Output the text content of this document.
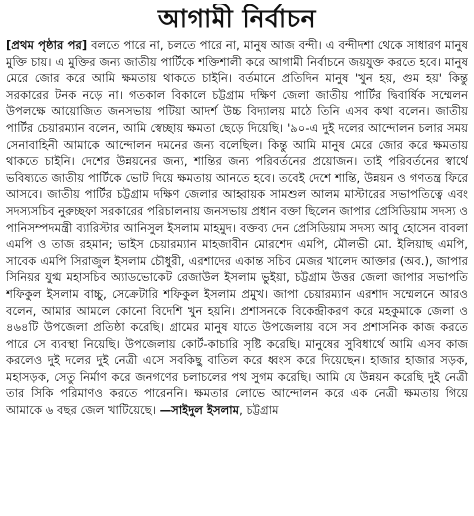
আগামী নির্বাচন

[প্রথম পৃষ্ঠার পর] বলতে পারে না, চলতে পারে না, মানুষ আজ বন্দী। এ বন্দীদশা থেকে সাধারণ মানুষ মুক্তি চায়। এ মুক্তির জন্য জাতীয় পার্টিকে শক্তিশালী করে আগামী নির্বাচনে জয়যুক্ত করতে হবে। মানুষ মেরে জোর করে আমি ক্ষমতায় থাকতে চাইনি। বর্তমানে প্রতিদিন মানুষ 'খুন হয়, গুম হয়' কিন্তু সরকারের টনক নড়ে না। গতকাল বিকালে চট্টগ্রাম দক্ষিণ জেলা জাতীয় পার্টির দ্বিবার্ষিক সম্মেলন উপলক্ষে আয়োজিত জনসভায় পটিয়া আদর্শ উচ্চ বিদ্যালয় মাঠে তিনি এসব কথা বলেন। জাতীয় পার্টির চেয়ারম্যান বলেন, আমি স্বেচ্ছায় ক্ষমতা ছেড়ে দিয়েছি। '৯০-এ দুই দলের আন্দোলন চলার সময় সেনাবাহিনী আমাকে আন্দোলন দমনের জন্য বলেছিল। কিন্তু আমি মানুষ মেরে জোর করে ক্ষমতায় থাকতে চাইনি। দেশের উন্নয়নের জন্য, শান্তির জন্য পরিবর্তনের প্রয়োজন। তাই পরিবর্তনের স্বার্থে ভবিষ্যতে জাতীয় পার্টিকে ভোট দিয়ে ক্ষমতায় আনতে হবে। তবেই দেশে শান্তি, উন্নয়ন ও গণতন্ত্র ফিরে আসবে। জাতীয় পার্টির চট্টগ্রাম দক্ষিণ জেলার আহ্বায়ক সামশুল আলম মাস্টারের সভাপতিত্বে এবং সদস্যসচিব নুরুচ্ছফা সরকারের পরিচালনায় জনসভায় প্রধান বক্তা ছিলেন জাপার প্রেসিডিয়াম সদস্য ও পানিসম্পদমন্ত্রী ব্যারিস্টার আনিসুল ইসলাম মাহমুদ। বক্তব্য দেন প্রেসিডিয়াম সদস্য আবু হোসেন বাবলা এমপি ও তাজ রহমান; ভাইস চেয়ারম্যান মাহজাবীন মোরশেদ এমপি, মৌলভী মো. ইলিয়াছ এমপি, সাবেক এমপি সিরাজুল ইসলাম চৌধুরী, এরশাদের একান্ত সচিব মেজর খালেদ আক্তার (অব.), জাপার সিনিয়র যুগ্ম মহাসচিব অ্যাডভোকেট রেজাউল ইসলাম ভুইয়া, চট্টগ্রাম উত্তর জেলা জাপার সভাপতি শফিকুল ইসলাম বাচ্চু, সেক্রেটারি শফিকুল ইসলাম প্রমুখ। জাপা চেয়ারম্যান এরশাদ সম্মেলনে আরও বলেন, আমার আমলে কোনো বিদেশি খুন হয়নি। প্রশাসনকে বিকেন্দ্রীকরণ করে মহকুমাকে জেলা ও ৪৬৪টি উপজেলা প্রতিষ্ঠা করেছি। গ্রামের মানুষ যাতে উপজেলায় বসে সব প্রশাসনিক কাজ করতে পারে সে ব্যবস্থা নিয়েছি। উপজেলায় কোর্ট-কাচারি সৃষ্টি করেছি। মানুষের সুবিধার্থে আমি এসব কাজ করলেও দুই দলের দুই নেত্রী এসে সবকিছু বাতিল করে ধ্বংস করে দিয়েছেন। হাজার হাজার সড়ক, মহাসড়ক, সেতু নির্মাণ করে জনগণের চলাচলের পথ সুগম করেছি। আমি যে উন্নয়ন করেছি দুই নেত্রী তার সিকি পরিমাণও করতে পারেননি। ক্ষমতার লোভে আন্দোলন করে এক নেত্রী ক্ষমতায় গিয়ে আমাকে ৬ বছর জেল খাটিয়েছে। —সাইদুল ইসলাম, চট্টগ্রাম
